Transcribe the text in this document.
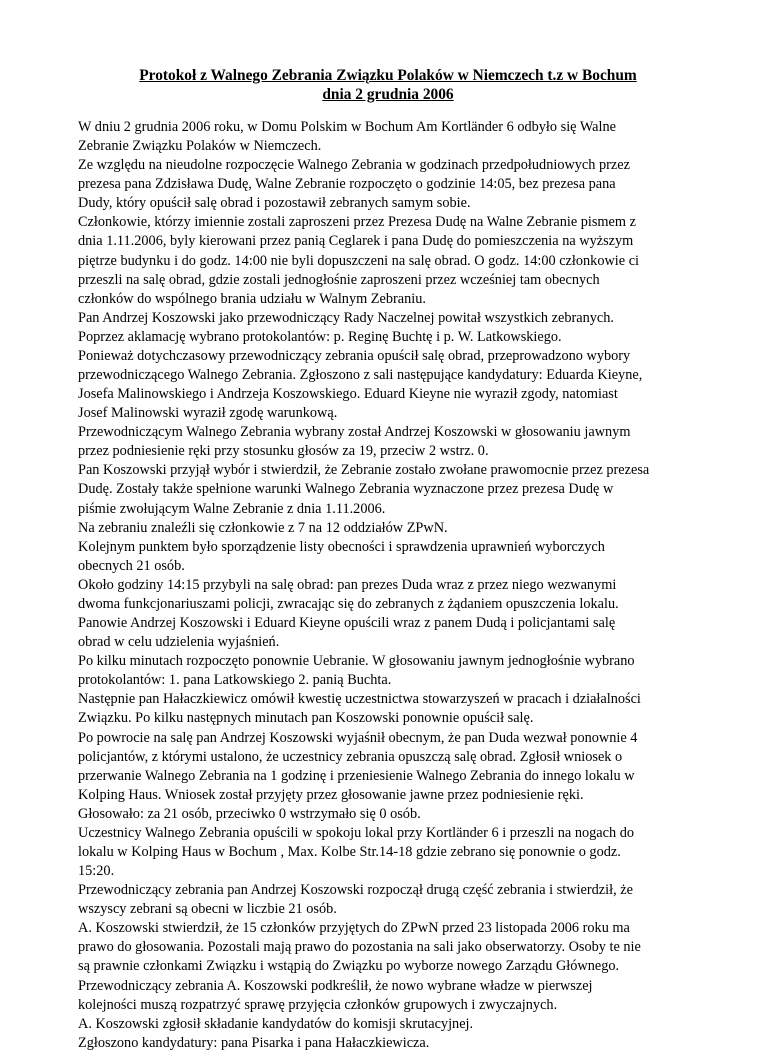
Protokoł z Walnego Zebrania Związku Polaków w Niemczech t.z w Bochum
dnia 2 grudnia 2006
W dniu 2 grudnia 2006 roku, w Domu Polskim w Bochum Am Kortländer 6 odbyło się Walne
Zebranie Związku Polaków w Niemczech.
Ze względu na nieudolne rozpoczęcie Walnego Zebrania w godzinach przedpołudniowych przez
prezesa pana Zdzisława Dudę, Walne Zebranie rozpoczęto o godzinie 14:05, bez prezesa pana
Dudy, który opuścił salę obrad i pozostawił zebranych samym sobie.
Członkowie, którzy imiennie zostali zaproszeni przez Prezesa Dudę na Walne Zebranie pismem z
dnia 1.11.2006, byly kierowani przez panią Ceglarek i pana Dudę do pomieszczenia na wyższym
piętrze budynku i do godz. 14:00 nie byli dopuszczeni na salę obrad. O godz. 14:00 członkowie ci
przeszli na salę obrad, gdzie zostali jednogłośnie zaproszeni przez wcześniej tam obecnych
członków do wspólnego brania udziału w Walnym Zebraniu.
Pan Andrzej Koszowski jako przewodniczący Rady Naczelnej powitał wszystkich zebranych.
Poprzez aklamację wybrano protokolantów: p. Reginę Buchtę i p. W. Latkowskiego.
Ponieważ dotychczasowy przewodniczący zebrania opuścił salę obrad, przeprowadzono wybory
przewodniczącego Walnego Zebrania. Zgłoszono z sali następujące kandydatury: Eduarda Kieyne,
Josefa Malinowskiego i Andrzeja Koszowskiego. Eduard Kieyne nie wyraził zgody, natomiast
Josef Malinowski wyraził zgodę warunkową.
Przewodniczącym Walnego Zebrania wybrany został Andrzej Koszowski w głosowaniu jawnym
przez podniesienie ręki przy stosunku głosów za 19, przeciw 2 wstrz. 0.
Pan Koszowski przyjął wybór i stwierdził, że Zebranie zostało zwołane prawomocnie przez prezesa
Dudę. Zostały także spełnione warunki Walnego Zebrania wyznaczone przez prezesa Dudę w
piśmie zwołującym Walne Zebranie z dnia 1.11.2006.
Na zebraniu znaleźli się członkowie z 7 na 12 oddziałów ZPwN.
Kolejnym punktem było sporządzenie listy obecności i sprawdzenia uprawnień wyborczych
obecnych 21 osób.
Około godziny 14:15 przybyli na salę obrad: pan prezes Duda wraz z przez niego wezwanymi
dwoma funkcjonariuszami policji, zwracając się do zebranych z żądaniem opuszczenia lokalu.
Panowie Andrzej Koszowski i Eduard Kieyne opuścili wraz z panem Dudą i policjantami salę
obrad w celu udzielenia wyjaśnień.
Po kilku minutach rozpoczęto ponownie Uebranie. W głosowaniu jawnym jednogłośnie wybrano
protokolantów: 1. pana Latkowskiego 2. panią Buchta.
Następnie pan Hałaczkiewicz omówił kwestię uczestnictwa stowarzyszeń w pracach i działalności
Związku. Po kilku następnych minutach pan Koszowski ponownie opuścił salę.
Po powrocie na salę pan Andrzej Koszowski wyjaśnił obecnym, że pan Duda wezwał ponownie 4
policjantów, z którymi ustalono, że uczestnicy zebrania opuszczą salę obrad. Zgłosił wniosek o
przerwanie Walnego Zebrania na 1 godzinę i przeniesienie Walnego Zebrania do innego lokalu w
Kolping Haus. Wniosek został przyjęty przez głosowanie jawne przez podniesienie ręki.
Głosowało: za 21 osób, przeciwko 0 wstrzymało się 0 osób.
Uczestnicy Walnego Zebrania opuścili w spokoju lokal przy Kortländer 6 i przeszli na nogach do
lokalu w Kolping Haus w Bochum , Max. Kolbe Str.14-18 gdzie zebrano się ponownie o godz.
15:20.
Przewodniczący zebrania pan Andrzej Koszowski rozpoczął drugą część zebrania i stwierdził, że
wszyscy zebrani są obecni w liczbie 21 osób.
A. Koszowski stwierdził, że 15 członków przyjętych do ZPwN przed 23 listopada 2006 roku ma
prawo do głosowania. Pozostali mają prawo do pozostania na sali jako obserwatorzy. Osoby te nie
są prawnie członkami Związku i wstąpią do Związku po wyborze nowego Zarządu Głównego.
Przewodniczący zebrania A. Koszowski podkreślił, że nowo wybrane władze w pierwszej
kolejności muszą rozpatrzyć sprawę przyjęcia członków grupowych i zwyczajnych.
A. Koszowski zgłosił składanie kandydatów do komisji skrutacyjnej.
Zgłoszono kandydatury: pana Pisarka i pana Hałaczkiewicza.
